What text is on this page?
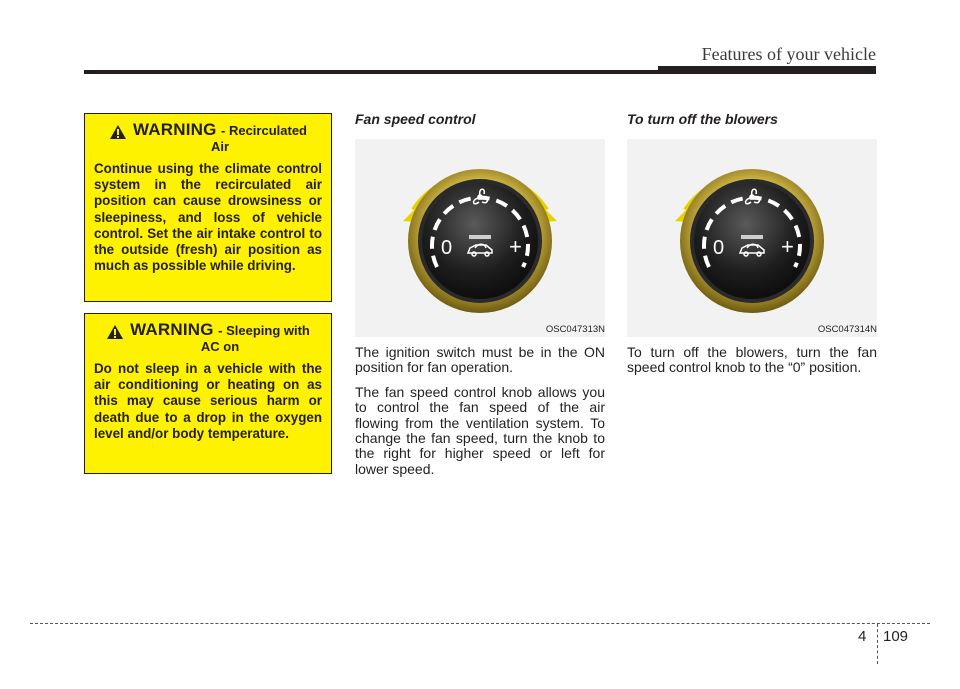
Features of your vehicle
WARNING - Recirculated
Air

Continue using the climate control system in the recirculated air position can cause drowsiness or sleepiness, and loss of vehicle control. Set the air intake control to the outside (fresh) air position as much as possible while driving.

WARNING - Sleeping with
AC on

Do not sleep in a vehicle with the air conditioning or heating on as this may cause serious harm or death due to a drop in the oxygen level and/or body temperature.

Fan speed control
0	+
OSC047313N

The ignition switch must be in the ON position for fan operation.

The fan speed control knob allows you to control the fan speed of the air flowing from the ventilation system. To change the fan speed, turn the knob to the right for higher speed or left for lower speed.

To turn off the blowers
0	+
OSC047314N

To turn off the blowers, turn the fan speed control knob to the “0” position.

4 109
